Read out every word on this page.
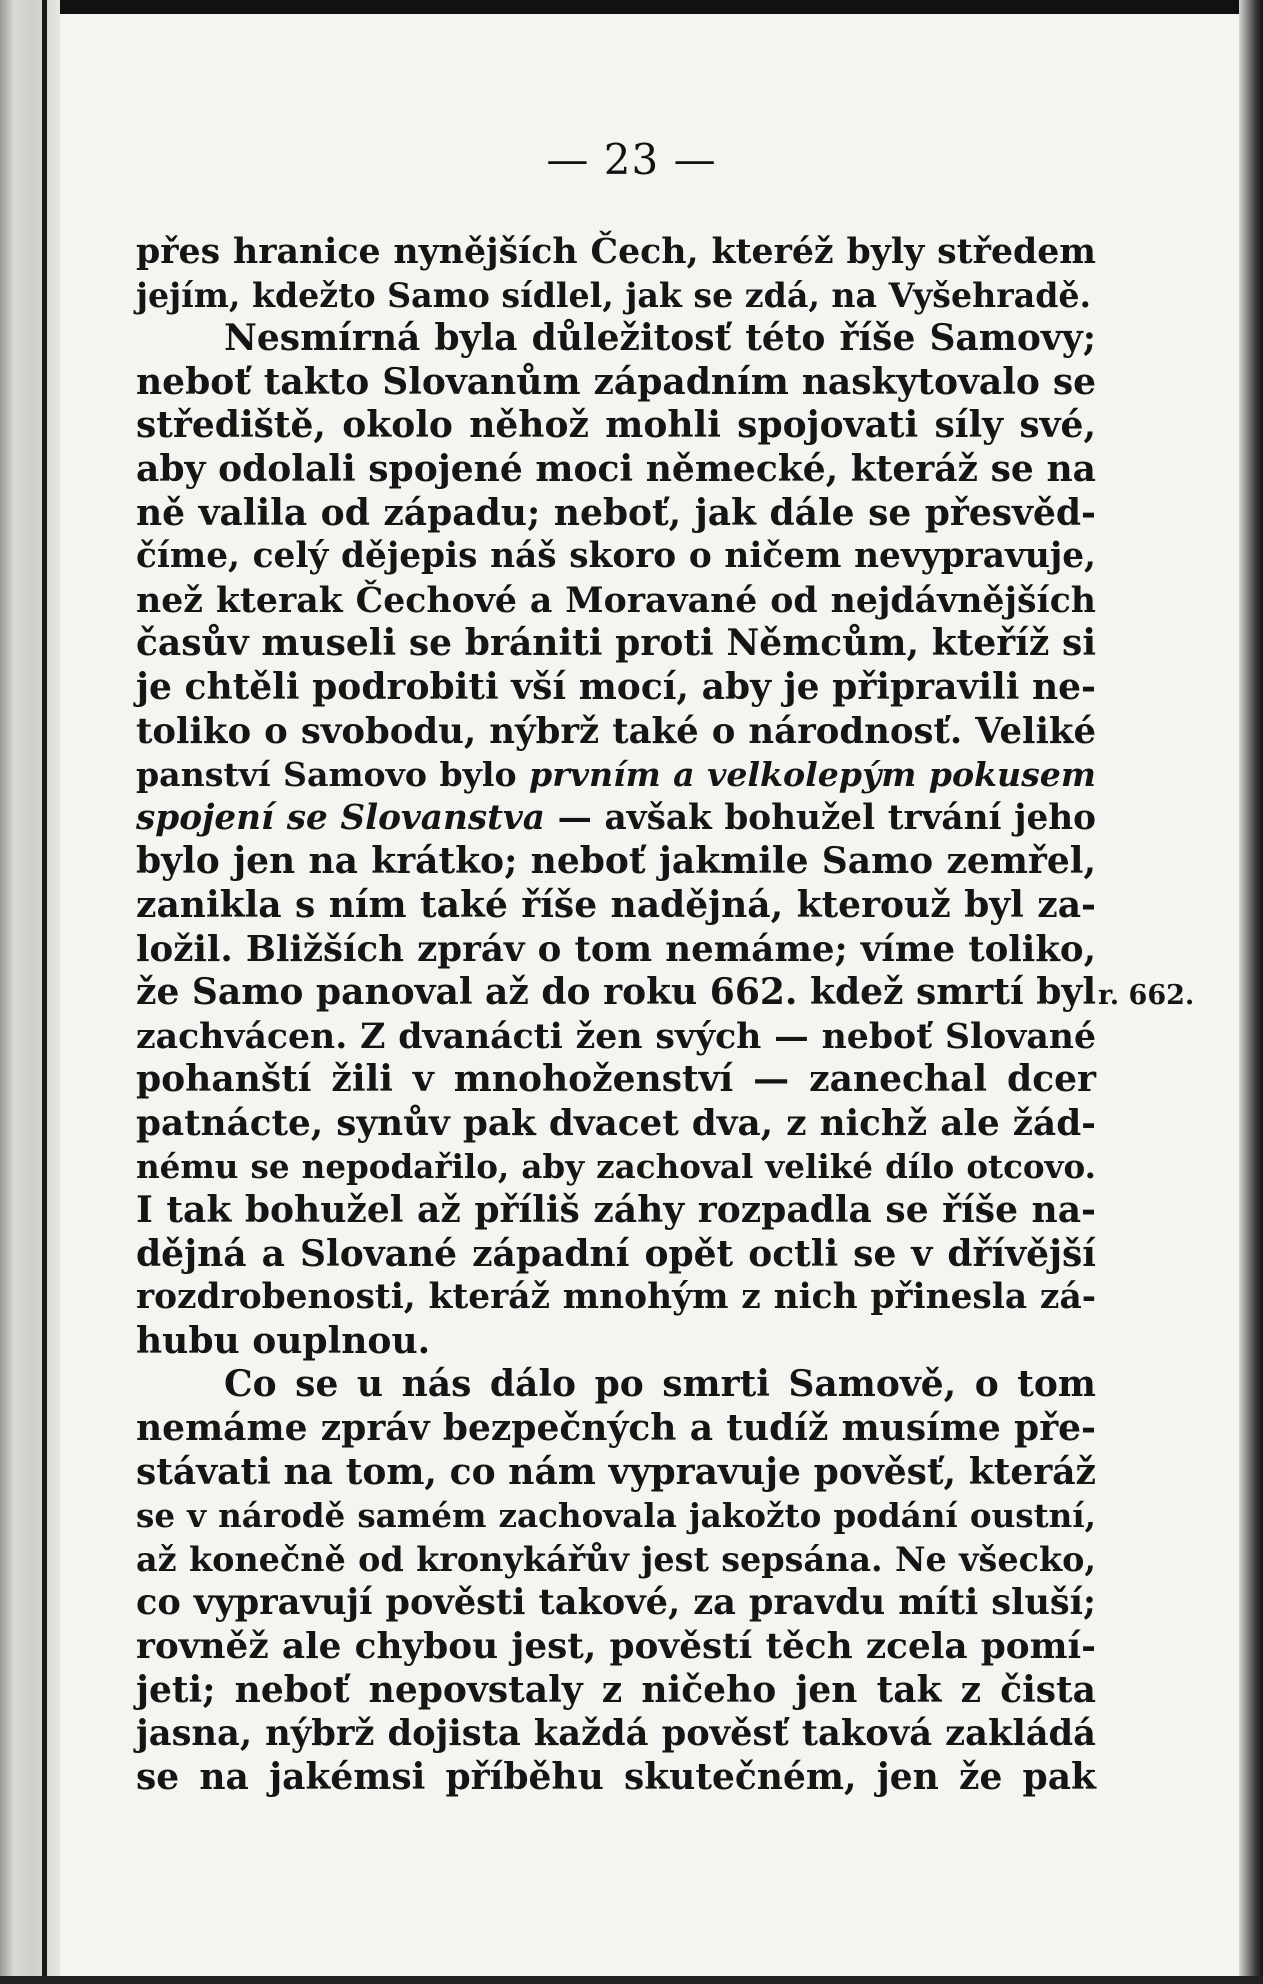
— 23 —
přes hranice nynějších Čech, kteréž byly středem
jejím, kdežto Samo sídlel, jak se zdá, na Vyšehradě.
Nesmírná byla důležitosť této říše Samovy;
neboť takto Slovanům západním naskytovalo se
střediště, okolo něhož mohli spojovati síly své,
aby odolali spojené moci německé, kteráž se na
ně valila od západu; neboť, jak dále se přesvěd-
číme, celý dějepis náš skoro o ničem nevypravuje,
než kterak Čechové a Moravané od nejdávnějších
časův museli se brániti proti Němcům, kteříž si
je chtěli podrobiti vší mocí, aby je připravili ne-
toliko o svobodu, nýbrž také o národnosť. Veliké
panství Samovo bylo prvním a velkolepým pokusem
spojení se Slovanstva — avšak bohužel trvání jeho
bylo jen na krátko; neboť jakmile Samo zemřel,
zanikla s ním také říše nadějná, kterouž byl za-
ložil. Bližších zpráv o tom nemáme; víme toliko,
že Samo panoval až do roku 662. kdež smrtí byl
zachvácen. Z dvanácti žen svých — neboť Slované
pohanští žili v mnohoženství — zanechal dcer
patnácte, synův pak dvacet dva, z nichž ale žád-
nému se nepodařilo, aby zachoval veliké dílo otcovo.
I tak bohužel až příliš záhy rozpadla se říše na-
dějná a Slované západní opět octli se v dřívější
rozdrobenosti, kteráž mnohým z nich přinesla zá-
hubu ouplnou.
Co se u nás dálo po smrti Samově, o tom
nemáme zpráv bezpečných a tudíž musíme pře-
stávati na tom, co nám vypravuje pověsť, kteráž
se v národě samém zachovala jakožto podání oustní,
až konečně od kronykářův jest sepsána. Ne všecko,
co vypravují pověsti takové, za pravdu míti sluší;
rovněž ale chybou jest, pověstí těch zcela pomí-
jeti; neboť nepovstaly z ničeho jen tak z čista
jasna, nýbrž dojista každá pověsť taková zakládá
se na jakémsi příběhu skutečném, jen že pak
r. 662.
